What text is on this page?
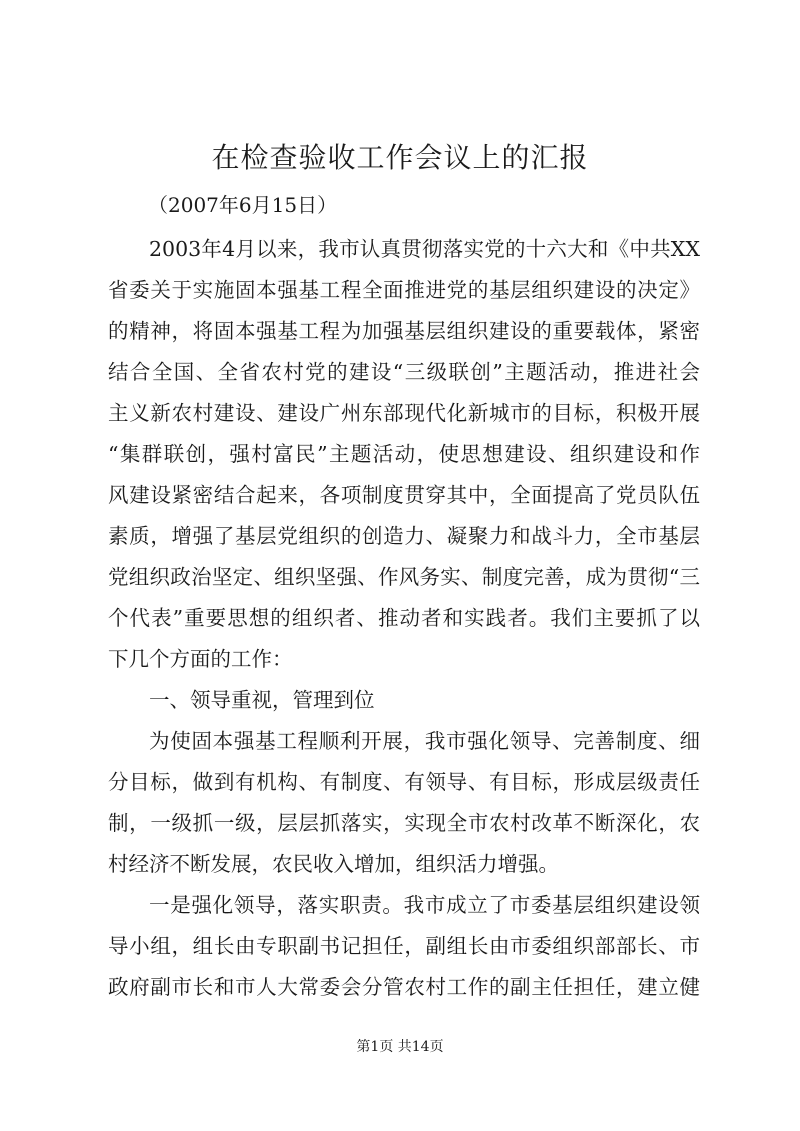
在检查验收工作会议上的汇报
（2007年6月15日）
2003年4月以来，我市认真贯彻落实党的十六大和《中共XX
省委关于实施固本强基工程全面推进党的基层组织建设的决定》
的精神，将固本强基工程为加强基层组织建设的重要载体，紧密
结合全国、全省农村党的建设“三级联创”主题活动，推进社会
主义新农村建设、建设广州东部现代化新城市的目标，积极开展
“集群联创，强村富民”主题活动，使思想建设、组织建设和作
风建设紧密结合起来，各项制度贯穿其中，全面提高了党员队伍
素质，增强了基层党组织的创造力、凝聚力和战斗力，全市基层
党组织政治坚定、组织坚强、作风务实、制度完善，成为贯彻“三
个代表”重要思想的组织者、推动者和实践者。我们主要抓了以
下几个方面的工作：
一、领导重视，管理到位
为使固本强基工程顺利开展，我市强化领导、完善制度、细
分目标，做到有机构、有制度、有领导、有目标，形成层级责任
制，一级抓一级，层层抓落实，实现全市农村改革不断深化，农
村经济不断发展，农民收入增加，组织活力增强。
一是强化领导，落实职责。我市成立了市委基层组织建设领
导小组，组长由专职副书记担任，副组长由市委组织部部长、市
政府副市长和市人大常委会分管农村工作的副主任担任，建立健
第1页 共14页
